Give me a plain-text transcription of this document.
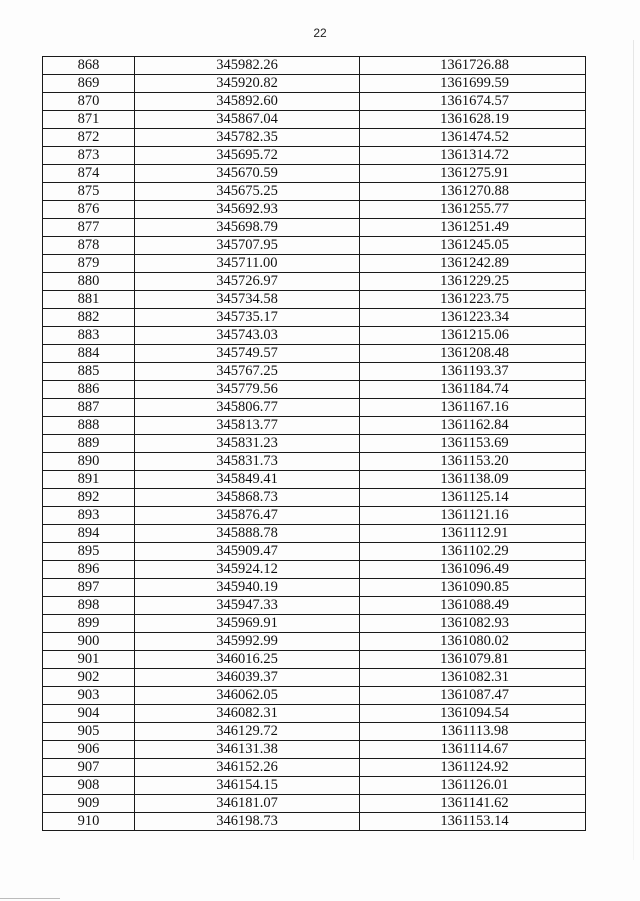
22
868	345982.26	1361726.88
869	345920.82	1361699.59
870	345892.60	1361674.57
871	345867.04	1361628.19
872	345782.35	1361474.52
873	345695.72	1361314.72
874	345670.59	1361275.91
875	345675.25	1361270.88
876	345692.93	1361255.77
877	345698.79	1361251.49
878	345707.95	1361245.05
879	345711.00	1361242.89
880	345726.97	1361229.25
881	345734.58	1361223.75
882	345735.17	1361223.34
883	345743.03	1361215.06
884	345749.57	1361208.48
885	345767.25	1361193.37
886	345779.56	1361184.74
887	345806.77	1361167.16
888	345813.77	1361162.84
889	345831.23	1361153.69
890	345831.73	1361153.20
891	345849.41	1361138.09
892	345868.73	1361125.14
893	345876.47	1361121.16
894	345888.78	1361112.91
895	345909.47	1361102.29
896	345924.12	1361096.49
897	345940.19	1361090.85
898	345947.33	1361088.49
899	345969.91	1361082.93
900	345992.99	1361080.02
901	346016.25	1361079.81
902	346039.37	1361082.31
903	346062.05	1361087.47
904	346082.31	1361094.54
905	346129.72	1361113.98
906	346131.38	1361114.67
907	346152.26	1361124.92
908	346154.15	1361126.01
909	346181.07	1361141.62
910	346198.73	1361153.14
